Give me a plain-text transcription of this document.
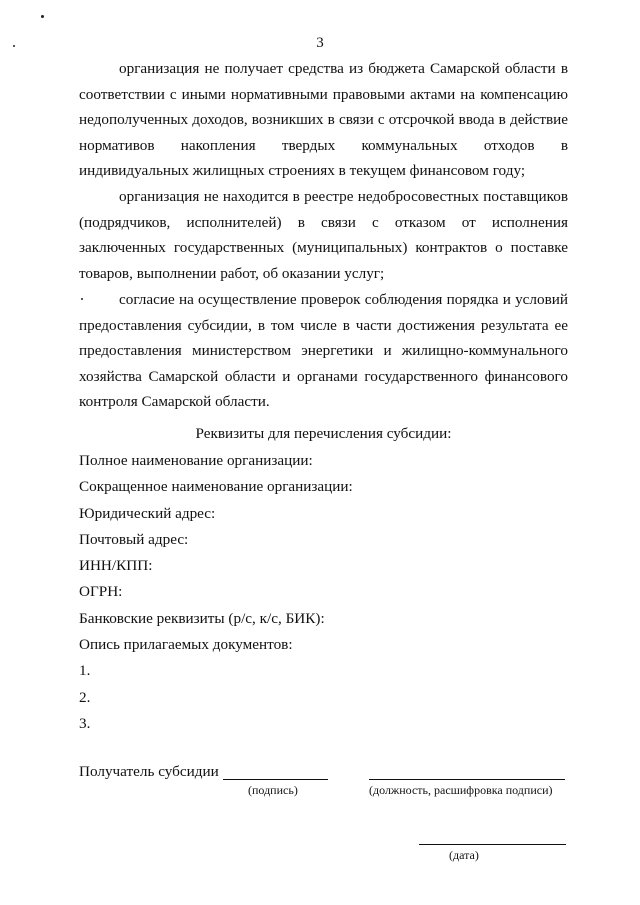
3
организация не получает средства из бюджета Самарской области в соответствии с иными нормативными правовыми актами на компенсацию недополученных доходов, возникших в связи с отсрочкой ввода в действие нормативов накопления твердых коммунальных отходов в индивидуальных жилищных строениях в текущем финансовом году;
организация не находится в реестре недобросовестных поставщиков (подрядчиков, исполнителей) в связи с отказом от исполнения заключенных государственных (муниципальных) контрактов о поставке товаров, выполнении работ, об оказании услуг;
согласие на осуществление проверок соблюдения порядка и условий предоставления субсидии, в том числе в части достижения результата ее предоставления министерством энергетики и жилищно-коммунального хозяйства Самарской области и органами государственного финансового контроля Самарской области.
Реквизиты для перечисления субсидии:
Полное наименование организации:
Сокращенное наименование организации:
Юридический адрес:
Почтовый адрес:
ИНН/КПП:
ОГРН:
Банковские реквизиты (р/с, к/с, БИК):
Опись прилагаемых документов:
1.
2.
3.
Получатель субсидии
(подпись)	(должность, расшифровка подписи)
(дата)
